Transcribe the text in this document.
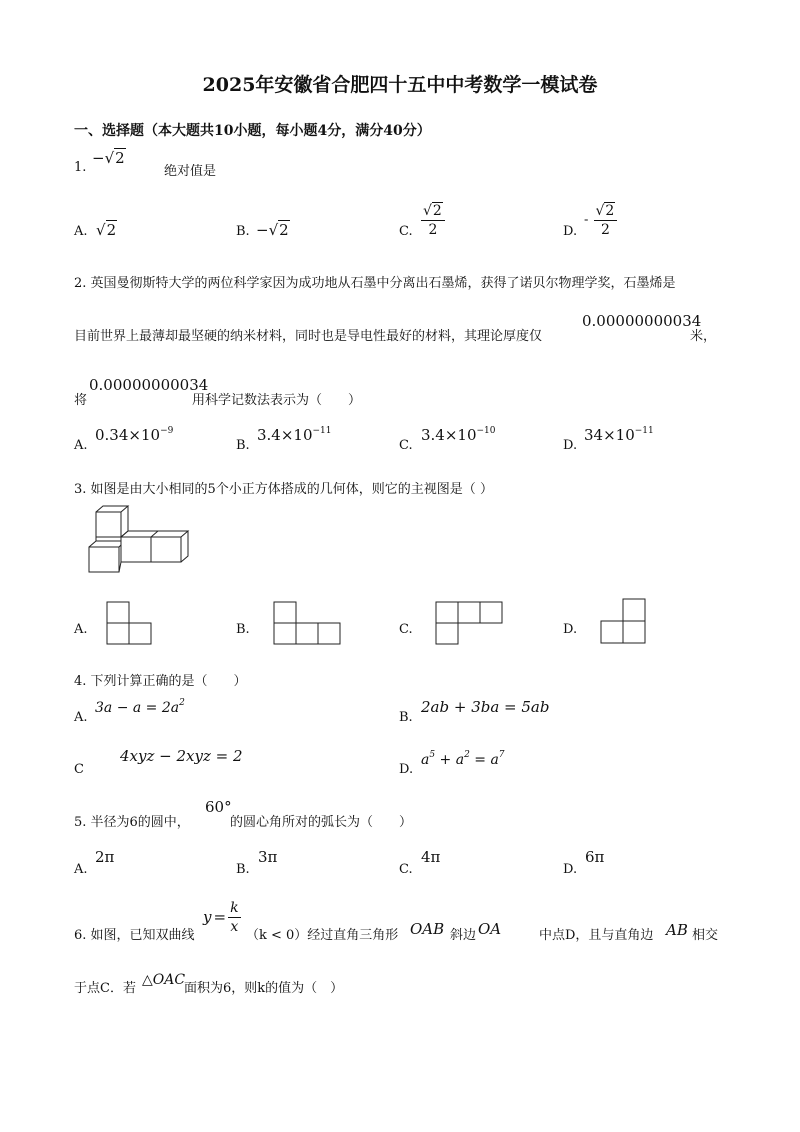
2025年安徽省合肥四十五中中考数学一模试卷
一、选择题（本大题共10小题，每小题4分，满分40分）
1.
−√2
绝对值是
A. √2	B. −√2	C. $\frac{√2}{2}$	D.
- $\frac{√2}{2}$
2. 英国曼彻斯特大学的两位科学家因为成功地从石墨中分离出石墨烯，获得了诺贝尔物理学奖，石墨烯是
目前世界上最薄却最坚硬的纳米材料，同时也是导电性最好的材料，其理论厚度仅
0.00000000034
米，
将
0.00000000034
用科学记数法表示为（　　）
A.
$0.34\times 10^{-9}$
B.
$3.4\times 10^{-11}$
C.
$3.4\times 10^{-10}$
D.
$34\times 10^{-11}$
3. 如图是由大小相同的5个小正方体搭成的几何体，则它的主视图是（ ）
A.	B.	C.	D.
4. 下列计算正确的是（　　）
A.
$3a - a = 2a^2$
B.
2ab + 3ba = 5ab
C
4xyz − 2xyz = 2
D.
$a^5 + a^2 = a^7$
5. 半径为6的圆中，
60°
的圆心角所对的弧长为（　　）
A.
2π
B.
3π
C.
4π
D.
6π
6. 如图，已知双曲线
$y = \frac{k}{x}$
（k < 0）经过直角三角形 OAB 斜边 OA	中点D，且与直角边 AB 相交
于点C．若
△OAC
面积为6，则k的值为（　）
